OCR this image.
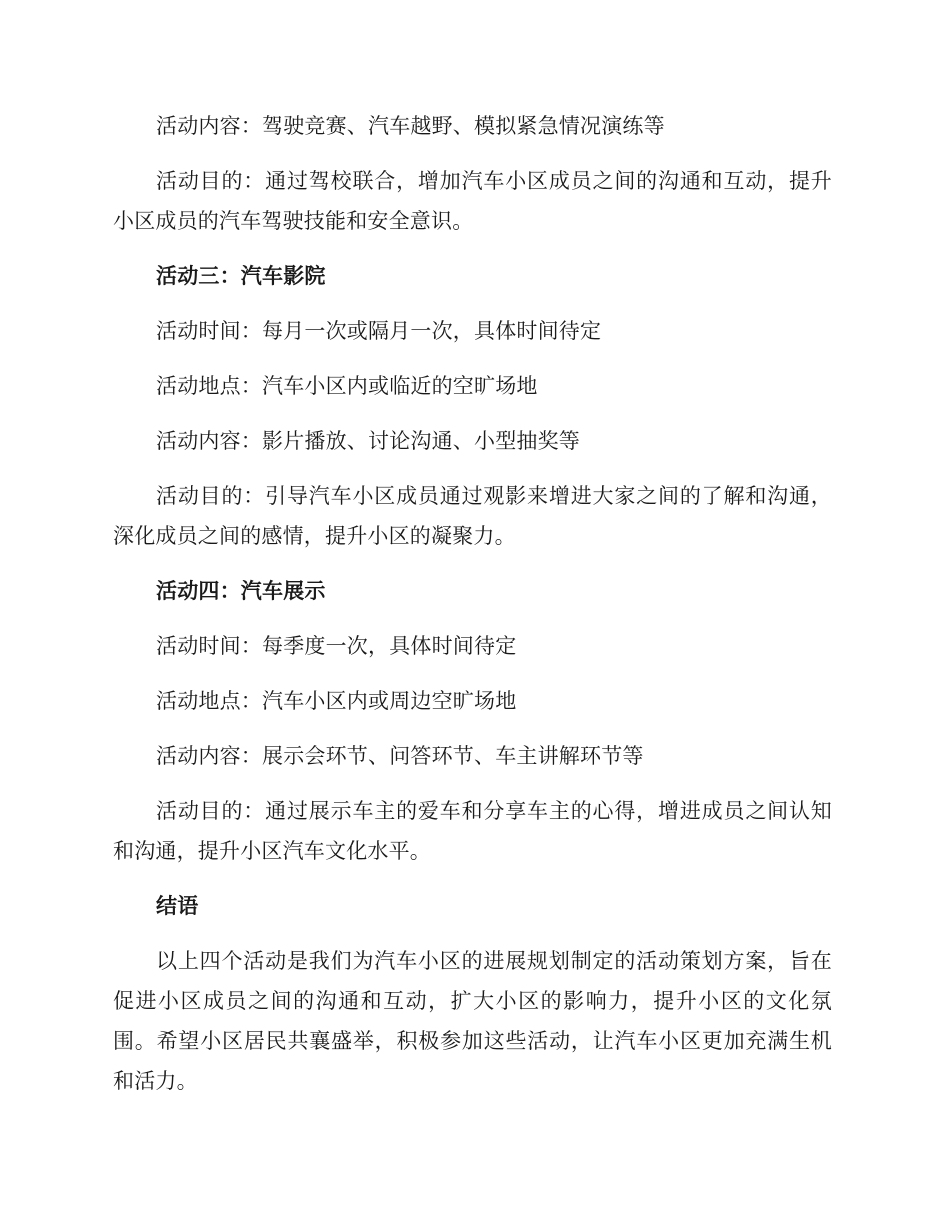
活动内容：驾驶竞赛、汽车越野、模拟紧急情况演练等

活动目的：通过驾校联合，增加汽车小区成员之间的沟通和互动，提升小区成员的汽车驾驶技能和安全意识。

活动三：汽车影院

活动时间：每月一次或隔月一次，具体时间待定

活动地点：汽车小区内或临近的空旷场地

活动内容：影片播放、讨论沟通、小型抽奖等

活动目的：引导汽车小区成员通过观影来增进大家之间的了解和沟通，深化成员之间的感情，提升小区的凝聚力。

活动四：汽车展示

活动时间：每季度一次，具体时间待定

活动地点：汽车小区内或周边空旷场地

活动内容：展示会环节、问答环节、车主讲解环节等

活动目的：通过展示车主的爱车和分享车主的心得，增进成员之间认知和沟通，提升小区汽车文化水平。

结语

以上四个活动是我们为汽车小区的进展规划制定的活动策划方案，旨在促进小区成员之间的沟通和互动，扩大小区的影响力，提升小区的文化氛围。希望小区居民共襄盛举，积极参加这些活动，让汽车小区更加充满生机和活力。
